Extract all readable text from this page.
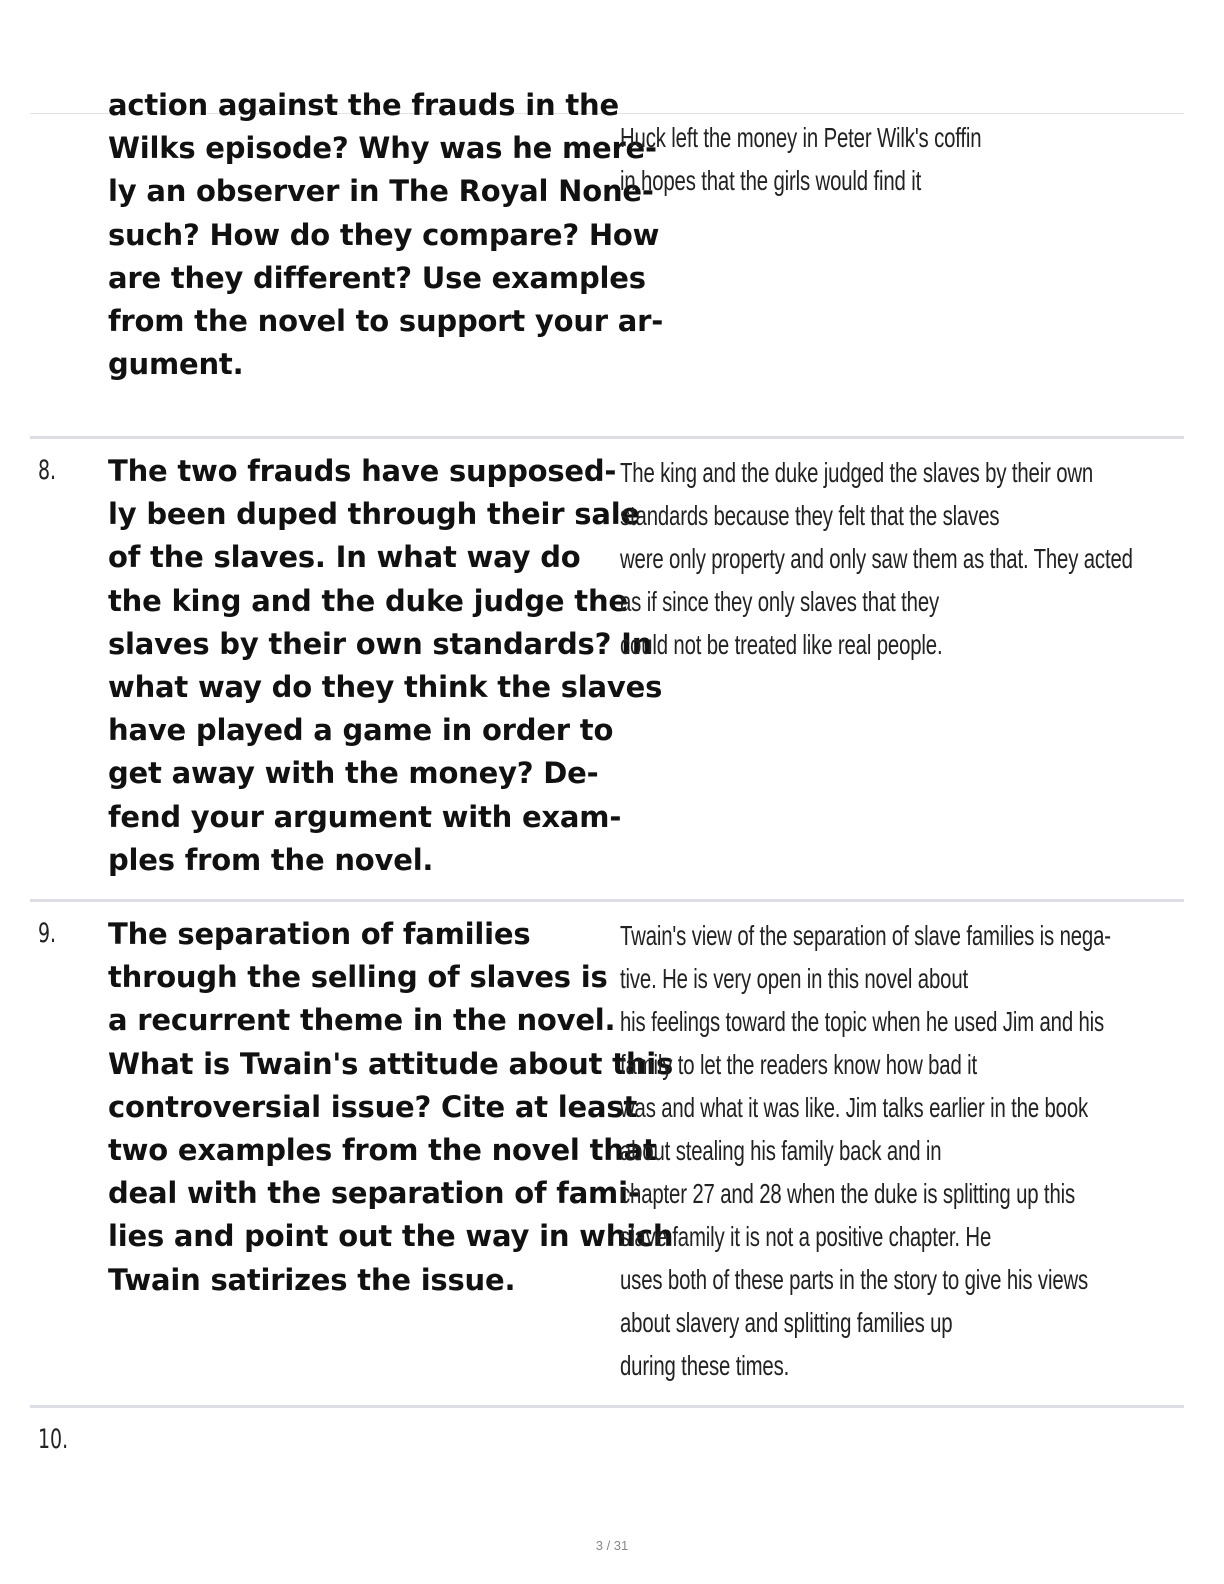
action against the frauds in the
Wilks episode? Why was he mere-
ly an observer in The Royal None-
such? How do they compare? How
are they different? Use examples
from the novel to support your ar-
gument.
Huck left the money in Peter Wilk's coffin
in hopes that the girls would find it
8. The two frauds have supposed-
ly been duped through their sale
of the slaves. In what way do
the king and the duke judge the
slaves by their own standards? In
what way do they think the slaves
have played a game in order to
get away with the money? De-
fend your argument with exam-
ples from the novel.
The king and the duke judged the slaves by their own
standards because they felt that the slaves
were only property and only saw them as that. They acted
as if since they only slaves that they
could not be treated like real people.
9. The separation of families
through the selling of slaves is
a recurrent theme in the novel.
What is Twain's attitude about this
controversial issue? Cite at least
two examples from the novel that
deal with the separation of fami-
lies and point out the way in which
Twain satirizes the issue.
Twain's view of the separation of slave families is nega-
tive. He is very open in this novel about
his feelings toward the topic when he used Jim and his
family to let the readers know how bad it
was and what it was like. Jim talks earlier in the book
about stealing his family back and in
chapter 27 and 28 when the duke is splitting up this
slave family it is not a positive chapter. He
uses both of these parts in the story to give his views
about slavery and splitting families up
during these times.
10.
3 / 31
